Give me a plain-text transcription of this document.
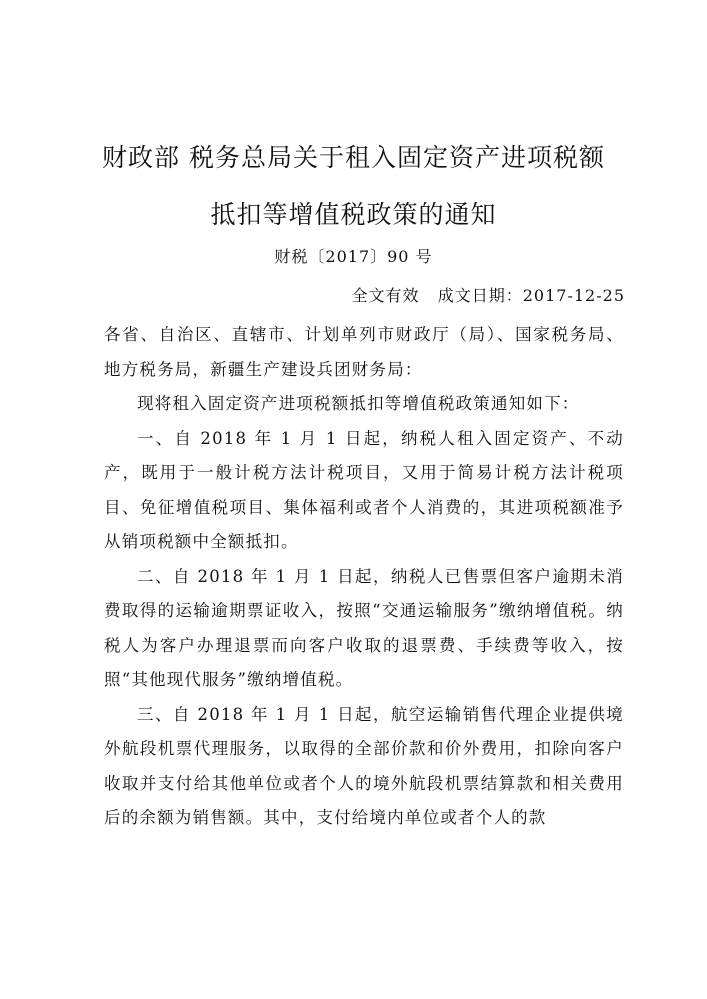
财政部 税务总局关于租入固定资产进项税额
抵扣等增值税政策的通知
财税〔2017〕90 号
全文有效   成文日期：2017-12-25

各省、自治区、直辖市、计划单列市财政厅（局）、国家税务局、地方税务局，新疆生产建设兵团财务局：

现将租入固定资产进项税额抵扣等增值税政策通知如下：

一、自 2018 年 1 月 1 日起，纳税人租入固定资产、不动产，既用于一般计税方法计税项目，又用于简易计税方法计税项目、免征增值税项目、集体福利或者个人消费的，其进项税额准予从销项税额中全额抵扣。

二、自 2018 年 1 月 1 日起，纳税人已售票但客户逾期未消费取得的运输逾期票证收入，按照“交通运输服务”缴纳增值税。纳税人为客户办理退票而向客户收取的退票费、手续费等收入，按照“其他现代服务”缴纳增值税。

三、自 2018 年 1 月 1 日起，航空运输销售代理企业提供境外航段机票代理服务，以取得的全部价款和价外费用，扣除向客户收取并支付给其他单位或者个人的境外航段机票结算款和相关费用后的余额为销售额。其中，支付给境内单位或者个人的款
